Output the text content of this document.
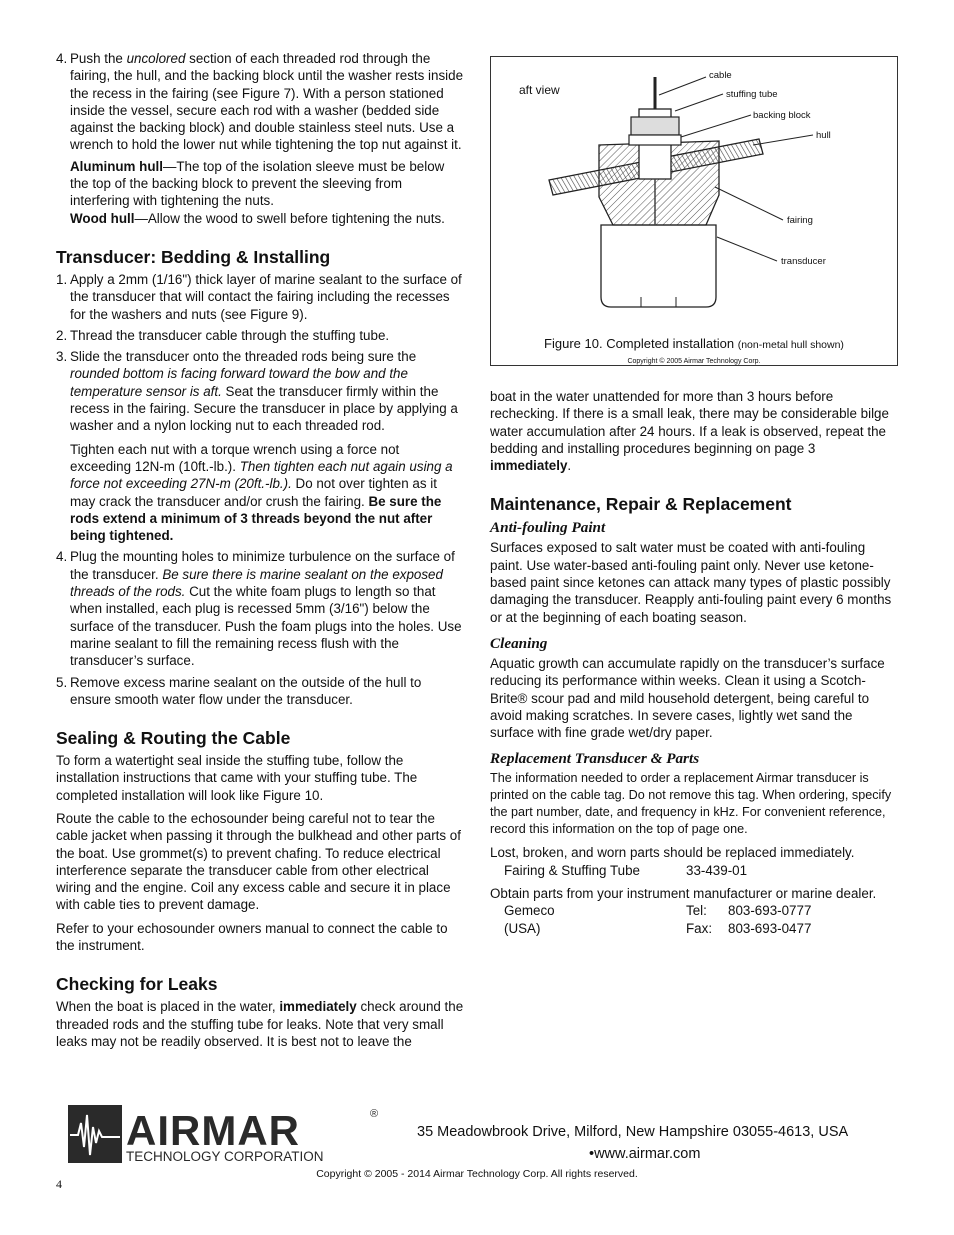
4. Push the uncolored section of each threaded rod through the fairing, the hull, and the backing block until the washer rests inside the recess in the fairing (see Figure 7). With a person stationed inside the vessel, secure each rod with a washer (bedded side against the backing block) and double stainless steel nuts. Use a wrench to hold the lower nut while tightening the top nut against it.

Aluminum hull—The top of the isolation sleeve must be below the top of the backing block to prevent the sleeving from interfering with tightening the nuts.

Wood hull—Allow the wood to swell before tightening the nuts.

Transducer: Bedding & Installing
1. Apply a 2mm (1/16") thick layer of marine sealant to the surface of the transducer that will contact the fairing including the recesses for the washers and nuts (see Figure 9).
2. Thread the transducer cable through the stuffing tube.
3. Slide the transducer onto the threaded rods being sure the rounded bottom is facing forward toward the bow and the temperature sensor is aft. Seat the transducer firmly within the recess in the fairing. Secure the transducer in place by applying a washer and a nylon locking nut to each threaded rod.
Tighten each nut with a torque wrench using a force not exceeding 12N-m (10ft.-lb.). Then tighten each nut again using a force not exceeding 27N-m (20ft.-lb.). Do not over tighten as it may crack the transducer and/or crush the fairing. Be sure the rods extend a minimum of 3 threads beyond the nut after being tightened.
4. Plug the mounting holes to minimize turbulence on the surface of the transducer. Be sure there is marine sealant on the exposed threads of the rods. Cut the white foam plugs to length so that when installed, each plug is recessed 5mm (3/16") below the surface of the transducer. Push the foam plugs into the holes. Use marine sealant to fill the remaining recess flush with the transducer’s surface.
5. Remove excess marine sealant on the outside of the hull to ensure smooth water flow under the transducer.
Sealing & Routing the Cable

To form a watertight seal inside the stuffing tube, follow the installation instructions that came with your stuffing tube. The completed installation will look like Figure 10.

Route the cable to the echosounder being careful not to tear the cable jacket when passing it through the bulkhead and other parts of the boat. Use grommet(s) to prevent chafing. To reduce electrical interference separate the transducer cable from other electrical wiring and the engine. Coil any excess cable and secure it in place with cable ties to prevent damage.

Refer to your echosounder owners manual to connect the cable to the instrument.

Checking for Leaks

When the boat is placed in the water, immediately check around the threaded rods and the stuffing tube for leaks. Note that very small leaks may not be readily observed. It is best not to leave the

aft view
cable
stuffing tube
backing block
hull
fairing
transducer
Figure 10. Completed installation (non-metal hull shown)
Copyright © 2005 Airmar Technology Corp.

boat in the water unattended for more than 3 hours before rechecking. If there is a small leak, there may be considerable bilge water accumulation after 24 hours. If a leak is observed, repeat the bedding and installing procedures beginning on page 3 immediately.

Maintenance, Repair & Replacement
Anti-fouling Paint

Surfaces exposed to salt water must be coated with anti-fouling paint. Use water-based anti-fouling paint only. Never use ketone-based paint since ketones can attack many types of plastic possibly damaging the transducer. Reapply anti-fouling paint every 6 months or at the beginning of each boating season.

Cleaning

Aquatic growth can accumulate rapidly on the transducer’s surface reducing its performance within weeks. Clean it using a Scotch-Brite® scour pad and mild household detergent, being careful to avoid making scratches. In severe cases, lightly wet sand the surface with fine grade wet/dry paper.

Replacement Transducer & Parts

The information needed to order a replacement Airmar transducer is printed on the cable tag. Do not remove this tag. When ordering, specify the part number, date, and frequency in kHz. For convenient reference, record this information on the top of page one.

Lost, broken, and worn parts should be replaced immediately.

Fairing & Stuffing Tube	33-439-01

Obtain parts from your instrument manufacturer or marine dealer.

Gemeco	Tel:	803-693-0777
(USA)	Fax:	803-693-0477
AIRMAR	®
TECHNOLOGY CORPORATION
35 Meadowbrook Drive, Milford, New Hampshire 03055-4613, USA
•www.airmar.com
Copyright © 2005 - 2014 Airmar Technology Corp. All rights reserved.
4
